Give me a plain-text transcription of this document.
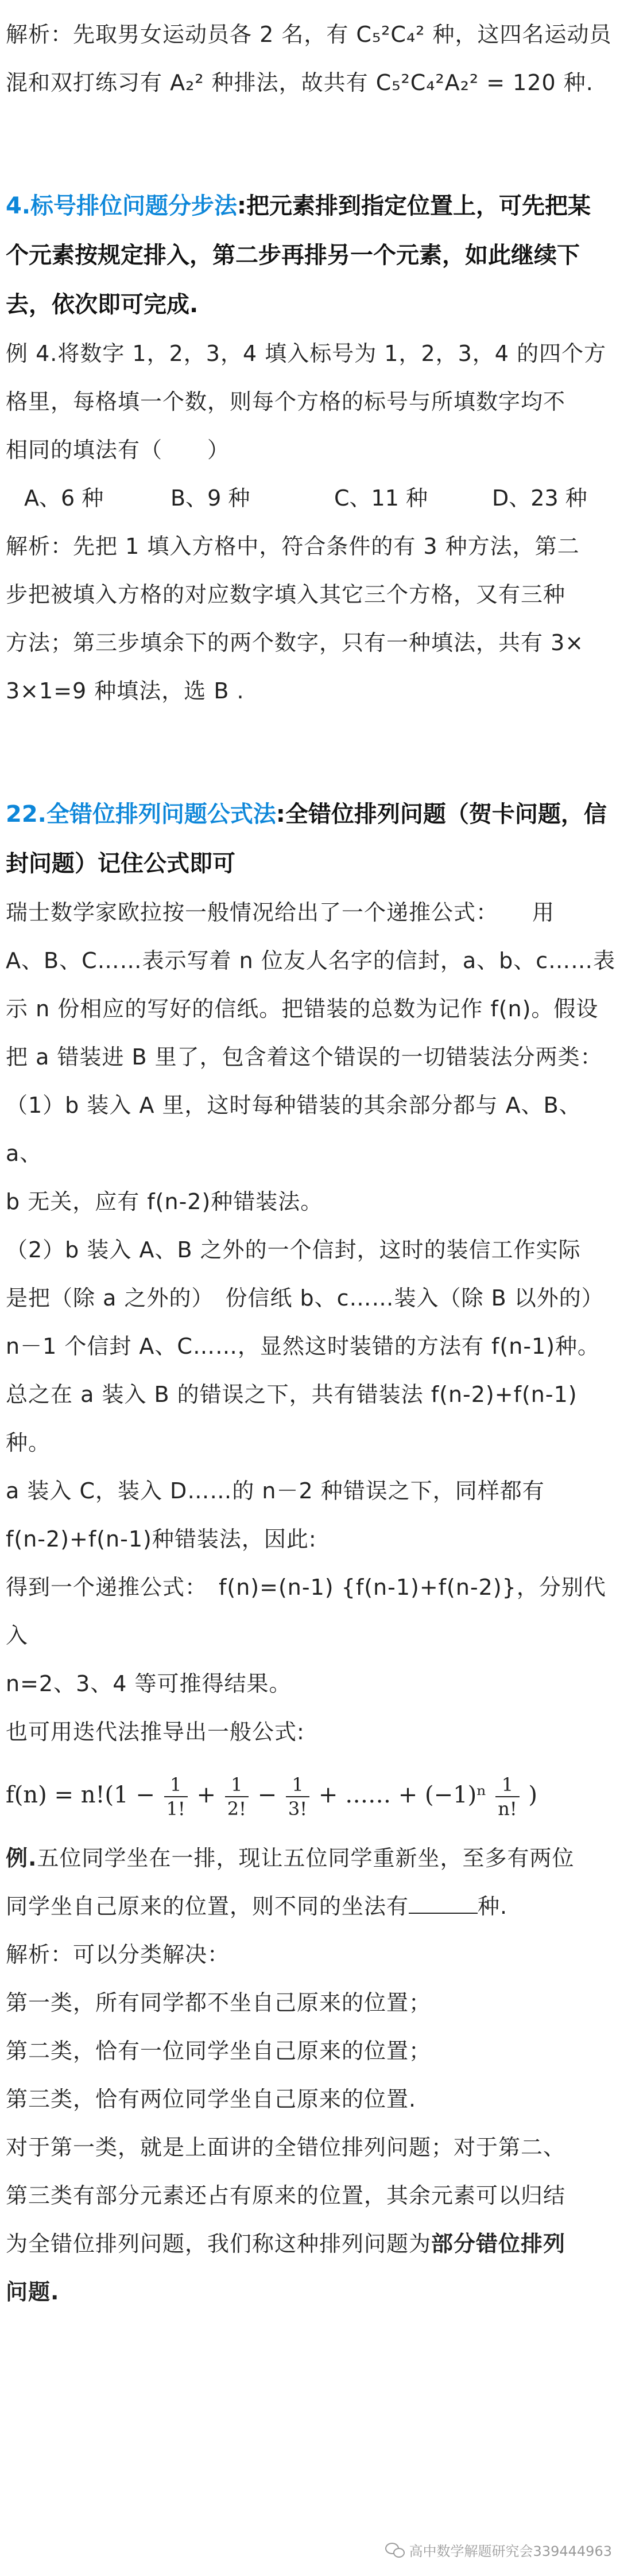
解析：先取男女运动员各 2 名，有 C₅²C₄² 种，这四名运动员

混和双打练习有 A₂² 种排法，故共有 C₅²C₄²A₂² = 120 种.

4.标号排位问题分步法:把元素排到指定位置上，可先把某

个元素按规定排入，第二步再排另一个元素，如此继续下

去，依次即可完成.

例 4.将数字 1，2，3，4 填入标号为 1，2，3，4 的四个方

格里，每格填一个数，则每个方格的标号与所填数字均不

相同的填法有（　　）

A、6 种	B、9 种	C、11 种	D、23 种

解析：先把 1 填入方格中，符合条件的有 3 种方法，第二

步把被填入方格的对应数字填入其它三个方格，又有三种

方法；第三步填余下的两个数字，只有一种填法，共有 3×

3×1=9 种填法，选 B .

22.全错位排列问题公式法:全错位排列问题（贺卡问题，信

封问题）记住公式即可

瑞士数学家欧拉按一般情况给出了一个递推公式：　　用

A、B、C……表示写着 n 位友人名字的信封，a、b、c……表

示 n 份相应的写好的信纸。把错装的总数为记作 f(n)。假设

把 a 错装进 B 里了，包含着这个错误的一切错装法分两类：

（1）b 装入 A 里，这时每种错装的其余部分都与 A、B、a、

b 无关，应有 f(n-2)种错装法。

（2）b 装入 A、B 之外的一个信封，这时的装信工作实际

是把（除 a 之外的）　份信纸 b、c……装入（除 B 以外的）

n－1 个信封 A、C……，显然这时装错的方法有 f(n-1)种。

总之在 a 装入 B 的错误之下，共有错装法 f(n-2)+f(n-1)种。

a 装入 C，装入 D……的 n－2 种错误之下，同样都有

f(n-2)+f(n-1)种错装法，因此:

得到一个递推公式：　f(n)=(n-1) {f(n-1)+f(n-2)}，分别代入

n=2、3、4 等可推得结果。

也可用迭代法推导出一般公式:

$f(n) = n!(1 - \frac{1}{1!} + \frac{1}{2!} - \frac{1}{3!}$ + …… + $(-1)^n \frac{1}{n!}$ )

例.五位同学坐在一排，现让五位同学重新坐，至多有两位

同学坐自己原来的位置，则不同的坐法有	种.

解析：可以分类解决：

第一类，所有同学都不坐自己原来的位置；

第二类，恰有一位同学坐自己原来的位置；

第三类，恰有两位同学坐自己原来的位置.

对于第一类，就是上面讲的全错位排列问题；对于第二、

第三类有部分元素还占有原来的位置，其余元素可以归结

为全错位排列问题，我们称这种排列问题为部分错位排列

问题.

高中数学解题研究会339444963
